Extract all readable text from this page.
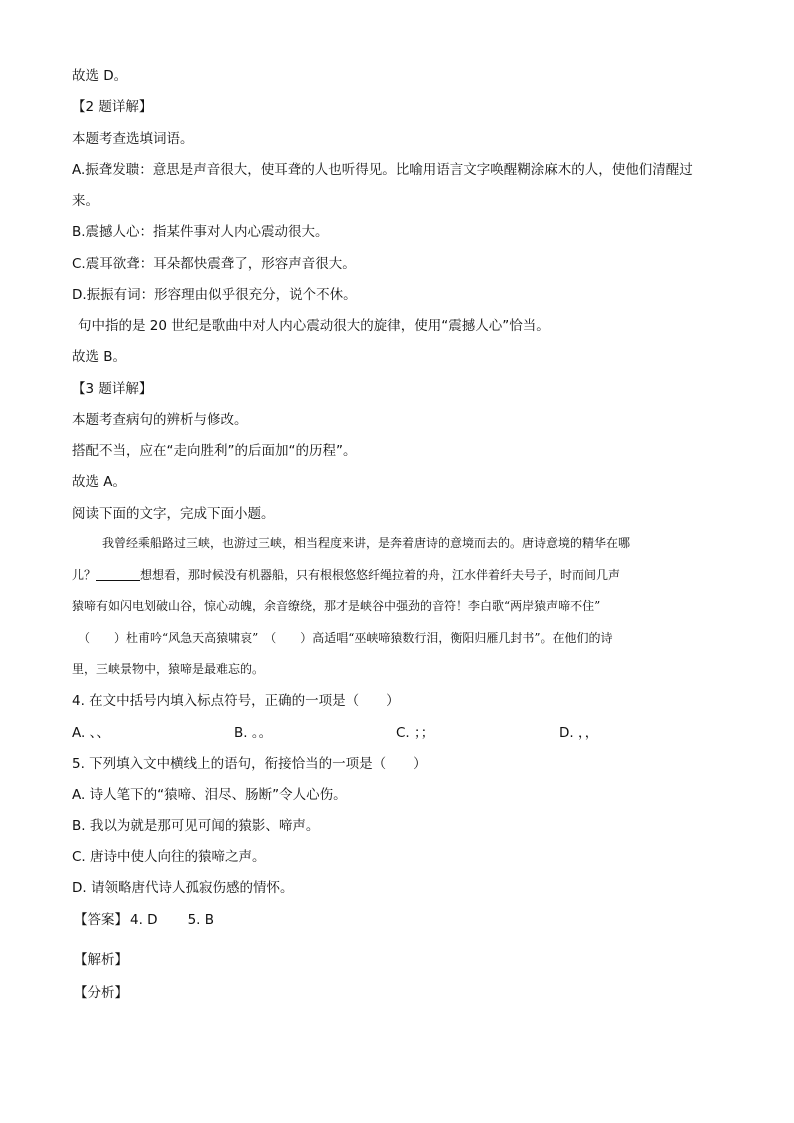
故选 D。
【2 题详解】
本题考查选填词语。
A.振聋发聩：意思是声音很大，使耳聋的人也听得见。比喻用语言文字唤醒糊涂麻木的人，使他们清醒过
来。
B.震撼人心：指某件事对人内心震动很大。
C.震耳欲聋：耳朵都快震聋了，形容声音很大。
D.振振有词：形容理由似乎很充分，说个不休。
句中指的是 20 世纪是歌曲中对人内心震动很大的旋律，使用“震撼人心”恰当。
故选 B。
【3 题详解】
本题考查病句的辨析与修改。
搭配不当，应在“走向胜利”的后面加“的历程”。
故选 A。
阅读下面的文字，完成下面小题。

我曾经乘船路过三峡，也游过三峡，相当程度来讲，是奔着唐诗的意境而去的。唐诗意境的精华在哪

儿？	想想看，那时候没有机器船，只有根根悠悠纤绳拉着的舟，江水伴着纤夫号子，时而间几声

猿啼有如闪电划破山谷，惊心动魄，余音缭绕，那才是峡谷中强劲的音符！李白歌“两岸猿声啼不住”

（　　）杜甫吟“风急天高猿啸哀”　（　　）高适唱“巫峡啼猿数行泪，衡阳归雁几封书”。在他们的诗

里，三峡景物中，猿啼是最难忘的。

4. 在文中括号内填入标点符号，正确的一项是（　　）
A. 、、	B. 。。	C. ；；	D. ，，
5. 下列填入文中横线上的语句，衔接恰当的一项是（　　）
A. 诗人笔下的“猿啼、泪尽、肠断”令人心伤。
B. 我以为就是那可见可闻的猿影、啼声。
C. 唐诗中使人向往的猿啼之声。
D. 请领略唐代诗人孤寂伤感的情怀。
【答案】 4. D 5. B
【解析】
【分析】
